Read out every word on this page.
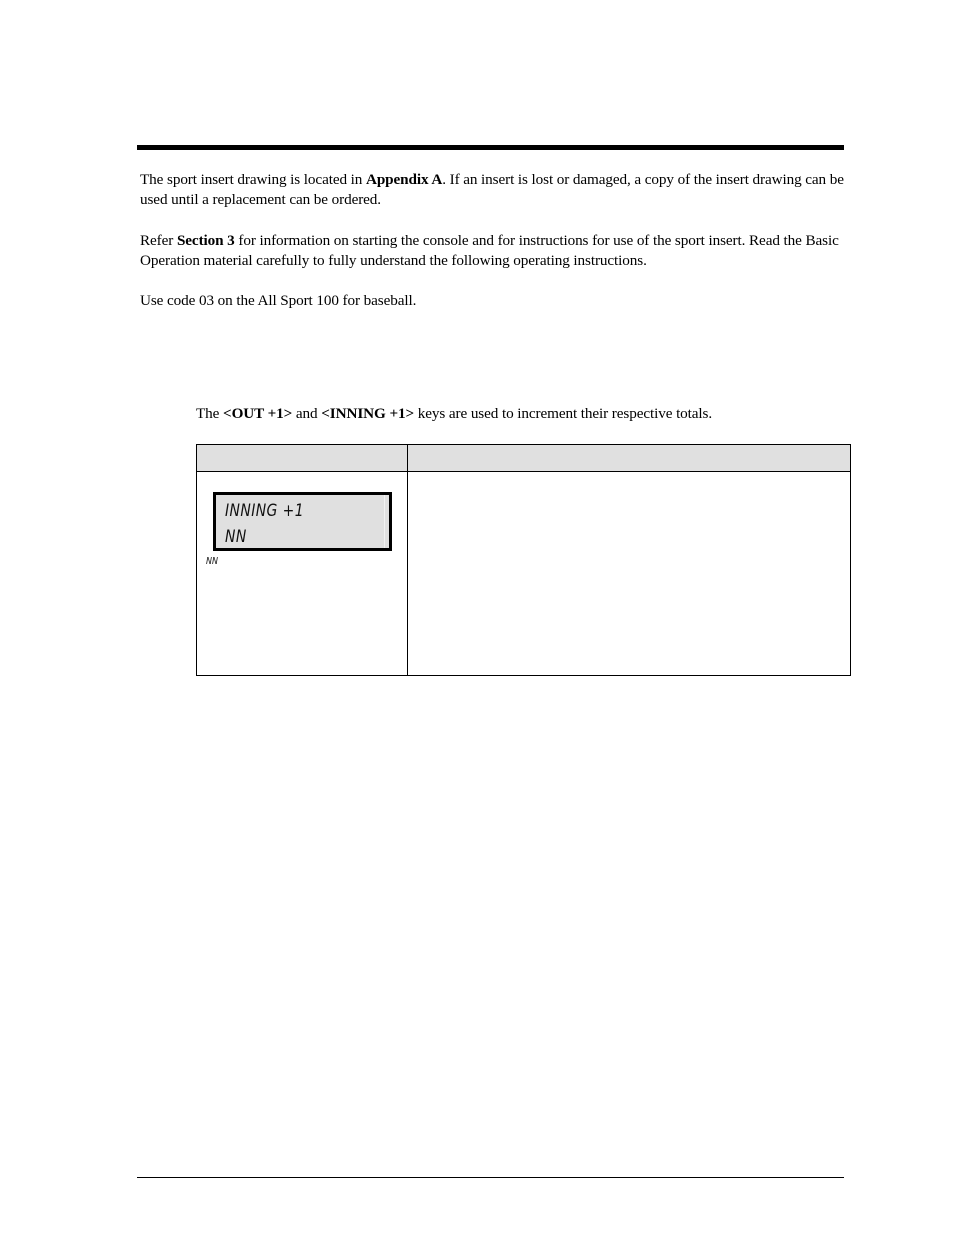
The sport insert drawing is located in Appendix A. If an insert is lost or damaged, a copy of the insert drawing can be used until a replacement can be ordered.

Refer Section 3 for information on starting the console and for instructions for use of the sport insert. Read the Basic Operation material carefully to fully understand the following operating instructions.

Use code 03 on the All Sport 100 for baseball.

The <OUT +1> and <INNING +1> keys are used to increment their respective totals.

INNING +1
NN
NN	
